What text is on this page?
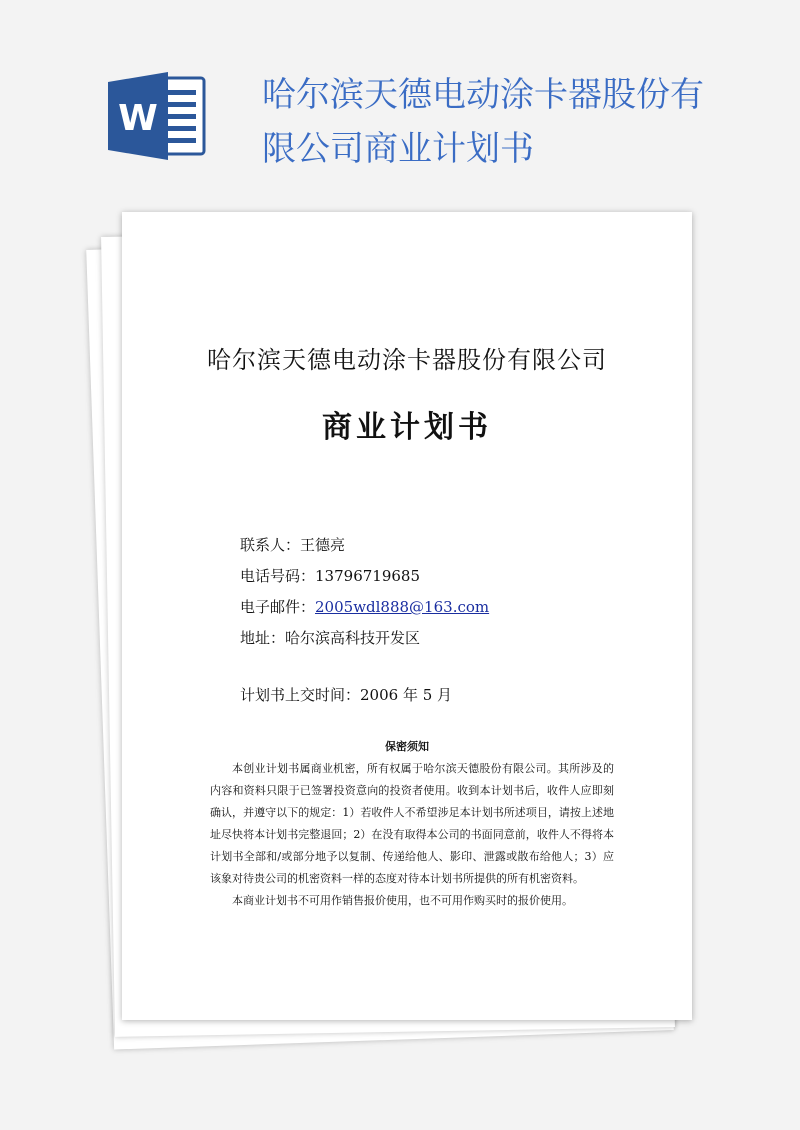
W
哈尔滨天德电动涂卡器股份有限公司商业计划书
哈尔滨天德电动涂卡器股份有限公司
商业计划书
联系人：王德亮
电话号码：13796719685
电子邮件：2005wdl888@163.com
地址：哈尔滨高科技开发区
计划书上交时间：2006 年 5 月
保密须知

本创业计划书属商业机密，所有权属于哈尔滨天德股份有限公司。其所涉及的内容和资料只限于已签署投资意向的投资者使用。收到本计划书后，收件人应即刻确认，并遵守以下的规定：1）若收件人不希望涉足本计划书所述项目，请按上述地址尽快将本计划书完整退回；2）在没有取得本公司的书面同意前，收件人不得将本计划书全部和/或部分地予以复制、传递给他人、影印、泄露或散布给他人；3）应该象对待贵公司的机密资料一样的态度对待本计划书所提供的所有机密资料。

本商业计划书不可用作销售报价使用，也不可用作购买时的报价使用。
